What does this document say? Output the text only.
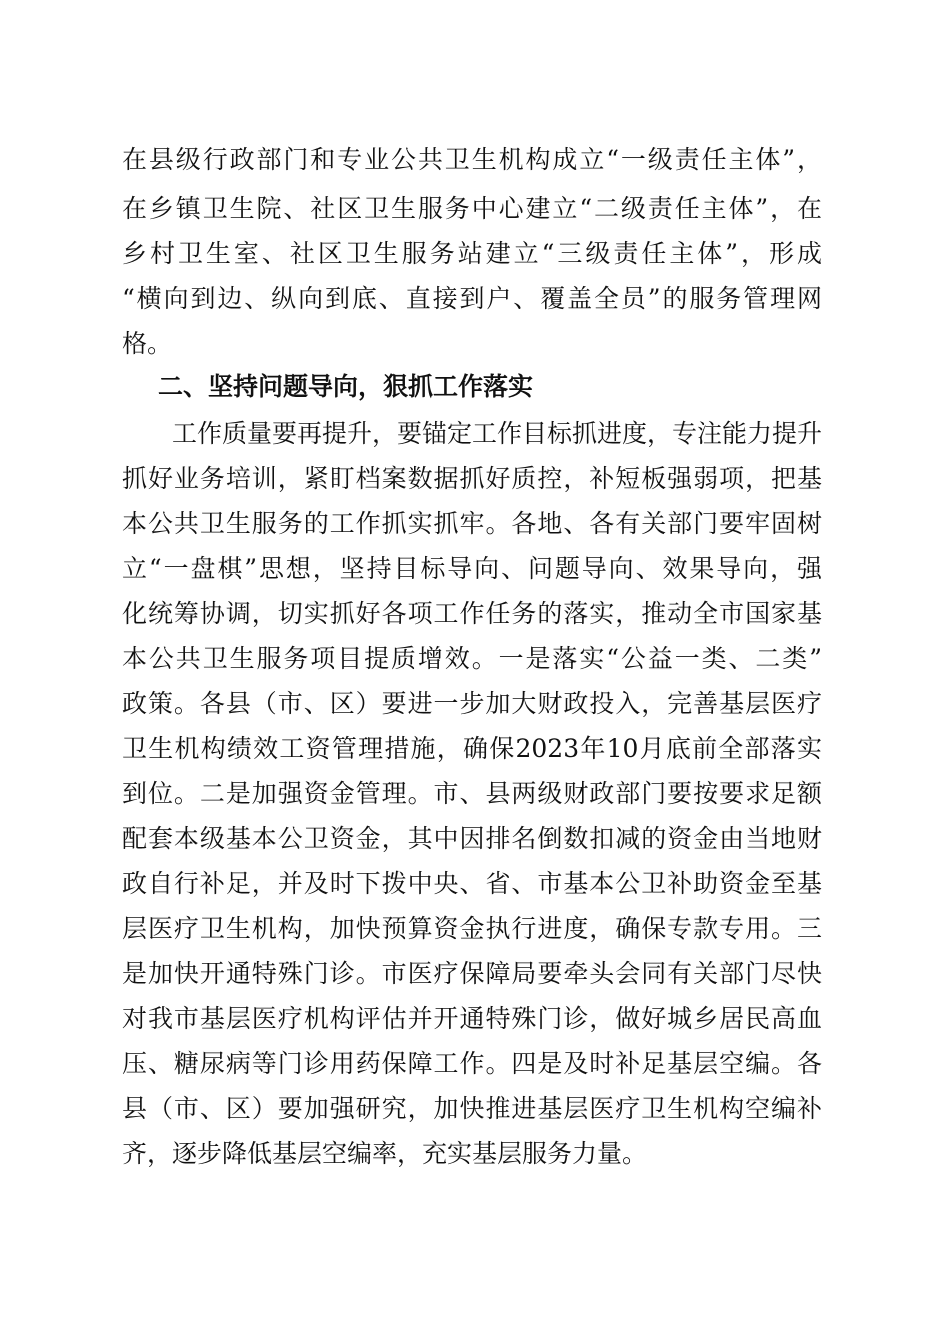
在县级行政部门和专业公共卫生机构成立“一级责任主体”，
在乡镇卫生院、社区卫生服务中心建立“二级责任主体”，在
乡村卫生室、社区卫生服务站建立“三级责任主体”，形成
“横向到边、纵向到底、直接到户、覆盖全员”的服务管理网
格。
二、坚持问题导向，狠抓工作落实
　　工作质量要再提升，要锚定工作目标抓进度，专注能力提升
抓好业务培训，紧盯档案数据抓好质控，补短板强弱项，把基
本公共卫生服务的工作抓实抓牢。各地、各有关部门要牢固树
立“一盘棋”思想，坚持目标导向、问题导向、效果导向，强
化统筹协调，切实抓好各项工作任务的落实，推动全市国家基
本公共卫生服务项目提质增效。一是落实“公益一类、二类”
政策。各县（市、区）要进一步加大财政投入，完善基层医疗
卫生机构绩效工资管理措施，确保2023年10月底前全部落实
到位。二是加强资金管理。市、县两级财政部门要按要求足额
配套本级基本公卫资金，其中因排名倒数扣减的资金由当地财
政自行补足，并及时下拨中央、省、市基本公卫补助资金至基
层医疗卫生机构，加快预算资金执行进度，确保专款专用。三
是加快开通特殊门诊。市医疗保障局要牵头会同有关部门尽快
对我市基层医疗机构评估并开通特殊门诊，做好城乡居民高血
压、糖尿病等门诊用药保障工作。四是及时补足基层空编。各
县（市、区）要加强研究，加快推进基层医疗卫生机构空编补
齐，逐步降低基层空编率，充实基层服务力量。
